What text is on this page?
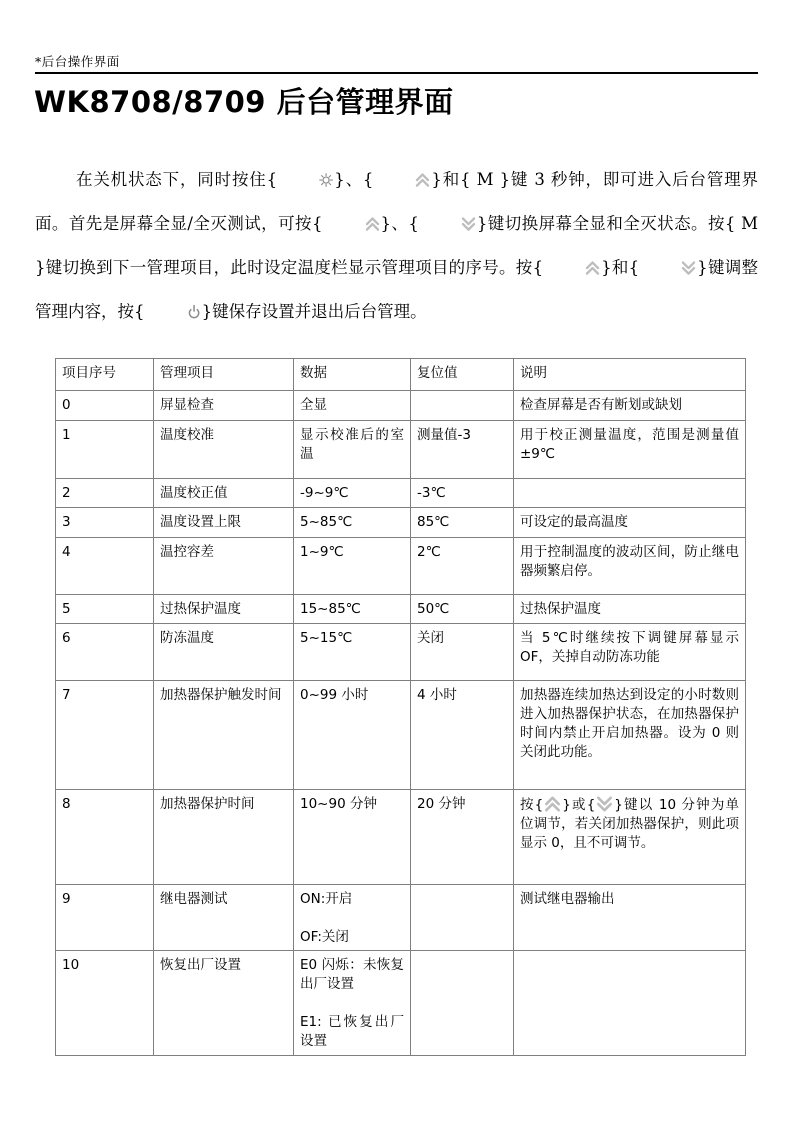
*后台操作界面
WK8708/8709 后台管理界面

在关机状态下，同时按住{	}、{	}和{ M }键 3 秒钟，即可进入后台管理界面。首先是屏幕全显/全灭测试，可按{	}、{	}键切换屏幕全显和全灭状态。按{ M }键切换到下一管理项目，此时设定温度栏显示管理项目的序号。按{	}和{	}键调整管理内容，按{	}键保存设置并退出后台管理。

项目序号	管理项目	数据	复位值	说明
0	屏显检查	全显		检查屏幕是否有断划或缺划

1	温度校准	显示校准后的室温	测量值-3	用于校正测量温度，范围是测量值±9℃

2	温度校正值	-9~9℃	-3℃	
3	温度设置上限	5~85℃	85℃	可设定的最高温度

4	温控容差	1~9℃	2℃	用于控制温度的波动区间，防止继电器频繁启停。

5	过热保护温度	15~85℃	50℃	过热保护温度

6	防冻温度	5~15℃	关闭	当 5℃时继续按下调键屏幕显示 OF，关掉自动防冻功能

7	加热器保护触发时间	0~99 小时	4 小时	加热器连续加热达到设定的小时数则进入加热器保护状态，在加热器保护时间内禁止开启加热器。设为 0 则关闭此功能。

8	加热器保护时间	10~90 分钟	20 分钟	按{ }或{ }键以 10 分钟为单位调节，若关闭加热器保护，则此项显示 0，且不可调节。

9	继电器测试	ON:开启

OF:关闭		测试继电器输出

10	恢复出厂设置	E0 闪烁：未恢复出厂设置

E1: 已恢复出厂设置		
